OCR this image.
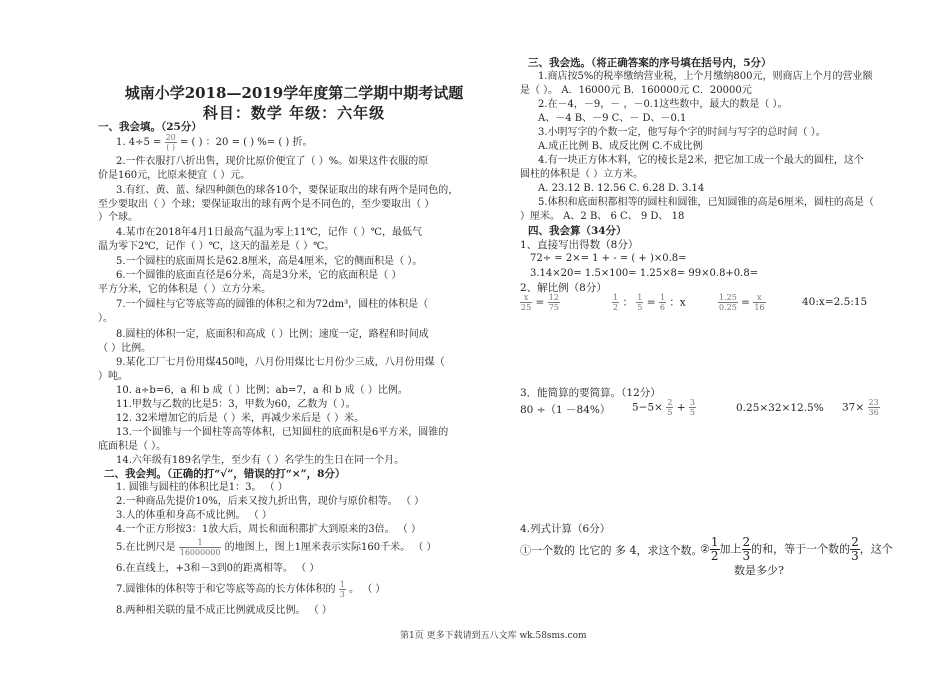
城南小学2018—2019学年度第二学期中期考试题
科目：数学 年级：六年级
一、我会填。（25分）
1. $4\div 5 = \frac{20}{( )}$ = ( ) ：20 = ( ) %= ( ) 折。
2.一件衣服打八折出售，现价比原价便宜了（ ）%。如果这件衣服的原
价是160元，比原来便宜（ ）元。
3.有红、黄、蓝、绿四种颜色的球各10个，要保证取出的球有两个是同色的，
至少要取出（ ）个球；要保证取出的球有两个是不同色的，至少要取出（ ）
）个球。
4.某市在2018年4月1日最高气温为零上11℃，记作（ ）℃，最低气
温为零下2℃，记作（ ）℃，这天的温差是（ ）℃。
5.一个圆柱的底面周长是62.8厘米，高是4厘米，它的侧面积是（ ）。
6.一个圆锥的底面直径是6分米，高是3分米，它的底面积是（ ）
平方分米，它的体积是（ ）立方分米。
7.一个圆柱与它等底等高的圆锥的体积之和为72dm³，圆柱的体积是（
）。
8.圆柱的体积一定，底面积和高成（ ）比例；速度一定，路程和时间成
（ ）比例。
9.某化工厂七月份用煤450吨，八月份用煤比七月份少三成，八月份用煤（
）吨。
10. a÷b=6，a 和 b 成（ ）比例；ab=7，a 和 b 成（ ）比例。
11.甲数与乙数的比是5：3，甲数为60，乙数为（ ）。
12. 32米增加它的后是（ ）米，再减少米后是（ ）米。
13.一个圆锥与一个圆柱等高等体积，已知圆柱的底面积是6平方米，圆锥的
底面积是（ ）。
14.六年级有189名学生，至少有（ ）名学生的生日在同一个月。
二、我会判。（正确的打“√”，错误的打“×”，8分）
1. 圆锥与圆柱的体积比是1：3。 （ ）
2.一种商品先提价10%，后来又按九折出售，现价与原价相等。 （ ）
3.人的体重和身高不成比例。 （ ）
4.一个正方形按3：1放大后，周长和面积都扩大到原来的3倍。 （ ）
5.在比例尺是 $\frac{1}{16000000}$ 的地图上，图上1厘米表示实际160千米。 （ ）
6.在直线上，+3和－3到0的距离相等。 （ ）
7.圆锥体的体积等于和它等底等高的长方体体积的 $\frac{1}{3}$ 。 （ ）
8.两种相关联的量不成正比例就成反比例。 （ ）
三、我会选。（将正确答案的序号填在括号内，5分）
1.商店按5%的税率缴纳营业税，上个月缴纳800元，则商店上个月的营业额
是（ ）。 A．16000元 B．160000元 C．20000元
2.在－4，－9，－ ，－0.1这些数中，最大的数是（ ）。
A、－4 B、－9 C、－ D、－0.1
3.小明写字的个数一定，他写每个字的时间与写字的总时间（ ）。
A.成正比例 B、成反比例 C.不成比例
4.有一块正方体木料，它的棱长是2米，把它加工成一个最大的圆柱，这个
圆柱的体积是（ ）立方米。
A. 23.12 B. 12.56 C. 6.28 D. 3.14
5.体积和底面积都相等的圆柱和圆锥，已知圆锥的高是6厘米，圆柱的高是（
）厘米。 A、2 B、 6 C、 9 D、 18
四、我会算（34分）
1、直接写出得数（8分）
72÷ = 2×= 1 + - = ( + )×0.8=
3.14×20= 1.5×100= 1.25×8= 99×0.8+0.8=
2、解比例（8分）
$\frac{x}{25} = \frac{12}{75}$	$\frac{1}{2}$ ： $\frac{1}{5} = \frac{1}{6}$ ：x	$\frac{1.25}{0.25} = \frac{x}{16}$	40:x=2.5:15
3．能简算的要简算。（12分）
80 ÷（1 －84%） $5-5\times \frac{2}{5} + \frac{3}{5}$	0.25×32×12.5% $37\times \frac{23}{36}$
4.列式计算（6分）
①一个数的 比它的 多 4，求这个数。
② $\frac{1}{2}$ 加上 $\frac{2}{3}$ 的和，等于一个数的 $\frac{2}{3}$ ，这个
数是多少?
第1页 更多下载请到五八文库 wk.58sms.com
